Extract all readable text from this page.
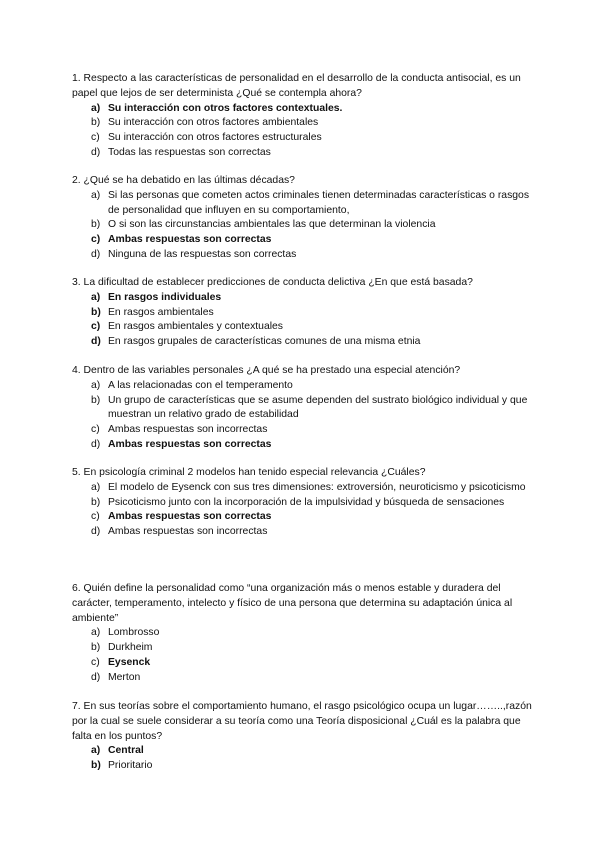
1. Respecto a las características de personalidad en el desarrollo de la conducta antisocial, es un papel que lejos de ser determinista ¿Qué se contempla ahora?

a) Su interacción con otros factores contextuales.
b) Su interacción con otros factores ambientales
c) Su interacción con otros factores estructurales
d) Todas las respuestas son correctas

2. ¿Qué se ha debatido en las últimas décadas?

a) Si las personas que cometen actos criminales tienen determinadas características o rasgos de personalidad que influyen en su comportamiento,
b) O si son las circunstancias ambientales las que determinan la violencia
c) Ambas respuestas son correctas
d) Ninguna de las respuestas son correctas

3. La dificultad de establecer predicciones de conducta delictiva ¿En que está basada?

a) En rasgos individuales
b) En rasgos ambientales
c) En rasgos ambientales y contextuales
d) En rasgos grupales de características comunes de una misma etnia

4. Dentro de las variables personales ¿A qué se ha prestado una especial atención?

a) A las relacionadas con el temperamento
b) Un grupo de características que se asume dependen del sustrato biológico individual y que muestran un relativo grado de estabilidad
c) Ambas respuestas son incorrectas
d) Ambas respuestas son correctas

5. En psicología criminal 2 modelos han tenido especial relevancia ¿Cuáles?

a) El modelo de Eysenck con sus tres dimensiones: extroversión, neuroticismo y psicoticismo
b) Psicoticismo junto con la incorporación de la impulsividad y búsqueda de sensaciones
c) Ambas respuestas son correctas
d) Ambas respuestas son incorrectas

6. Quién define la personalidad como “una organización más o menos estable y duradera del carácter, temperamento, intelecto y físico de una persona que determina su adaptación única al ambiente”

a) Lombrosso
b) Durkheim
c) Eysenck
d) Merton

7. En sus teorías sobre el comportamiento humano, el rasgo psicológico ocupa un lugar……..,razón por la cual se suele considerar a su teoría como una Teoría disposicional ¿Cuál es la palabra que falta en los puntos?

a) Central
b) Prioritario
